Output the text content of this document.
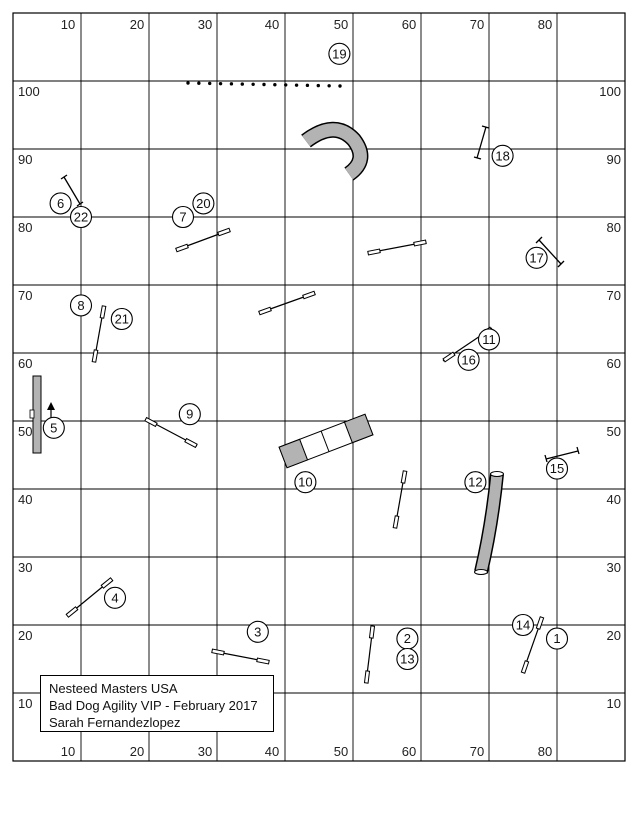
10	20	30	40	50	60	70	80
10	20	30	40	50	60	70	80
100
90
80
70
60
50
40
30
20
10
100
90
80
70
60
50
40
30
20
10
1
2
3
4
5
6
7
8
9
10
11
12
13
14
15
16
17
18
19
20
21
22
Nesteed Masters USA
Bad Dog Agility VIP - February 2017
Sarah Fernandezlopez
